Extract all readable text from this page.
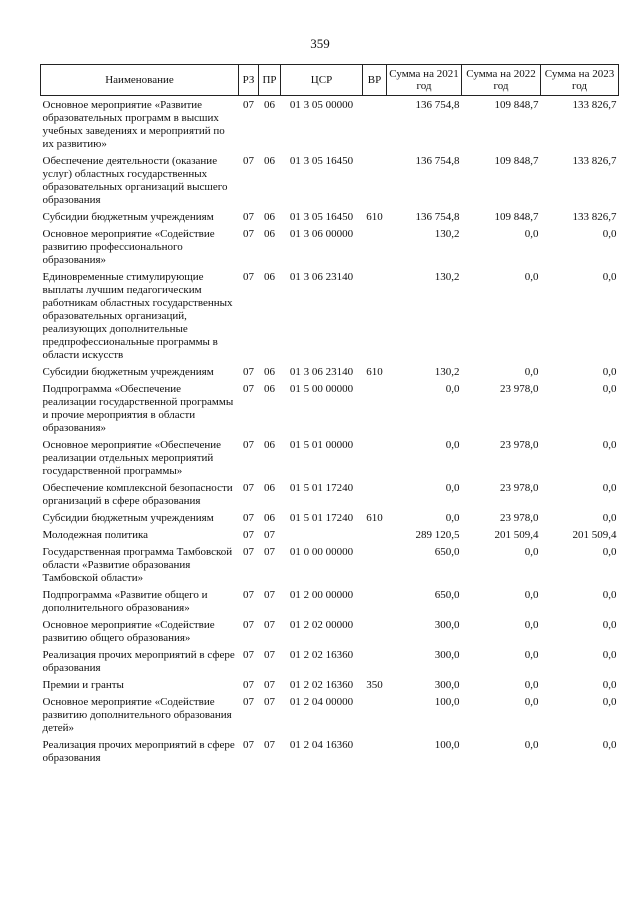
359
Наименование	РЗ	ПР	ЦСР	ВР	Сумма на 2021 год	Сумма на 2022 год	Сумма на 2023 год
Основное мероприятие «Развитие образовательных программ в высших учебных заведениях и мероприятий по их развитию»	07	06	01 3 05 00000		136 754,8	109 848,7	133 826,7
Обеспечение деятельности (оказание услуг) областных государственных образовательных организаций высшего образования	07	06	01 3 05 16450		136 754,8	109 848,7	133 826,7
Субсидии бюджетным учреждениям	07	06	01 3 05 16450	610	136 754,8	109 848,7	133 826,7
Основное мероприятие «Содействие развитию профессионального образования»	07	06	01 3 06 00000		130,2	0,0	0,0
Единовременные стимулирующие выплаты лучшим педагогическим работникам областных государственных образовательных организаций, реализующих дополнительные предпрофессиональные программы в области искусств	07	06	01 3 06 23140		130,2	0,0	0,0
Субсидии бюджетным учреждениям	07	06	01 3 06 23140	610	130,2	0,0	0,0
Подпрограмма «Обеспечение реализации государственной программы и прочие мероприятия в области образования»	07	06	01 5 00 00000		0,0	23 978,0	0,0
Основное мероприятие «Обеспечение реализации отдельных мероприятий государственной программы»	07	06	01 5 01 00000		0,0	23 978,0	0,0
Обеспечение комплексной безопасности организаций в сфере образования	07	06	01 5 01 17240		0,0	23 978,0	0,0
Субсидии бюджетным учреждениям	07	06	01 5 01 17240	610	0,0	23 978,0	0,0
Молодежная политика	07	07			289 120,5	201 509,4	201 509,4
Государственная программа Тамбовской области «Развитие образования Тамбовской области»	07	07	01 0 00 00000		650,0	0,0	0,0
Подпрограмма «Развитие общего и дополнительного образования»	07	07	01 2 00 00000		650,0	0,0	0,0
Основное мероприятие «Содействие развитию общего образования»	07	07	01 2 02 00000		300,0	0,0	0,0
Реализация прочих мероприятий в сфере образования	07	07	01 2 02 16360		300,0	0,0	0,0
Премии и гранты	07	07	01 2 02 16360	350	300,0	0,0	0,0
Основное мероприятие «Содействие развитию дополнительного образования детей»	07	07	01 2 04 00000		100,0	0,0	0,0
Реализация прочих мероприятий в сфере образования	07	07	01 2 04 16360		100,0	0,0	0,0
